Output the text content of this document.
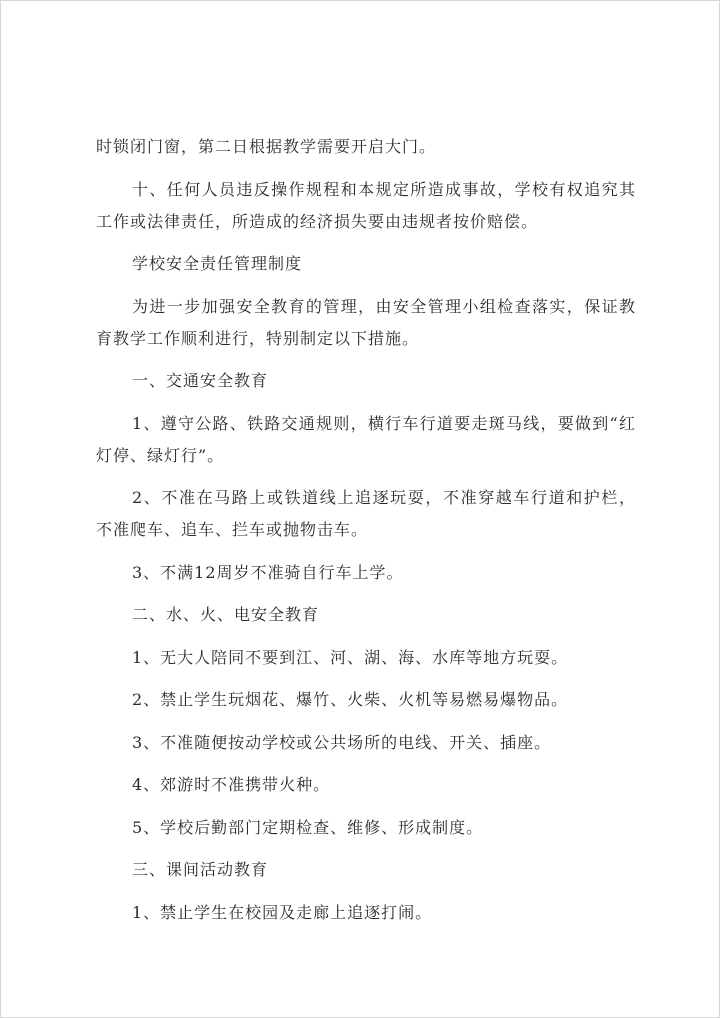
时锁闭门窗，第二日根据教学需要开启大门。

十、任何人员违反操作规程和本规定所造成事故，学校有权追究其工作或法律责任，所造成的经济损失要由违规者按价赔偿。

学校安全责任管理制度

为进一步加强安全教育的管理，由安全管理小组检查落实，保证教育教学工作顺利进行，特别制定以下措施。

一、交通安全教育

1、遵守公路、铁路交通规则，横行车行道要走斑马线，要做到“红灯停、绿灯行”。

2、不准在马路上或铁道线上追逐玩耍，不准穿越车行道和护栏，不准爬车、追车、拦车或抛物击车。

3、不满12周岁不准骑自行车上学。

二、水、火、电安全教育

1、无大人陪同不要到江、河、湖、海、水库等地方玩耍。

2、禁止学生玩烟花、爆竹、火柴、火机等易燃易爆物品。

3、不准随便按动学校或公共场所的电线、开关、插座。

4、郊游时不准携带火种。

5、学校后勤部门定期检查、维修、形成制度。

三、课间活动教育

1、禁止学生在校园及走廊上追逐打闹。
